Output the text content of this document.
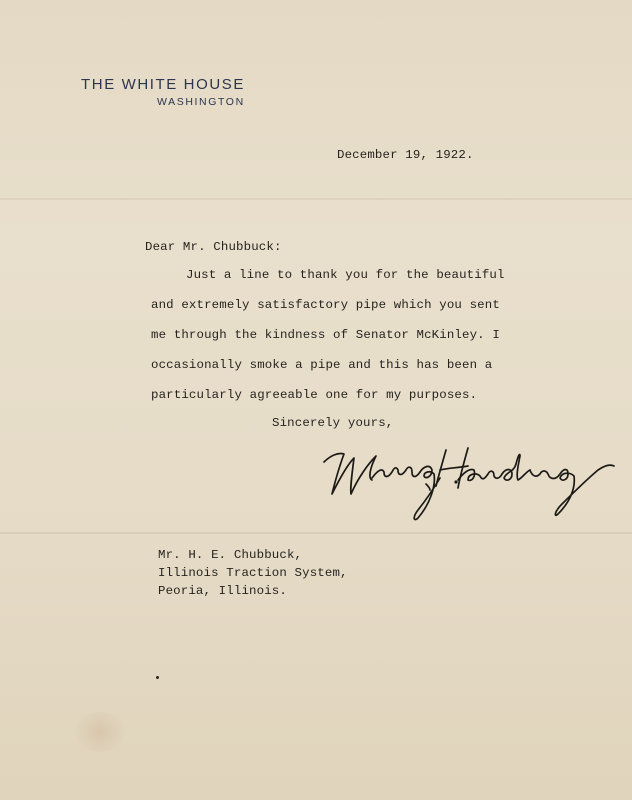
THE WHITE HOUSE
WASHINGTON
December 19, 1922.
Dear Mr. Chubbuck:
Just a line to thank you for the beautiful
and extremely satisfactory pipe which you sent
me through the kindness of Senator McKinley. I
occasionally smoke a pipe and this has been a
particularly agreeable one for my purposes.
Sincerely yours,
Mr. H. E. Chubbuck,
Illinois Traction System,
Peoria, Illinois.
